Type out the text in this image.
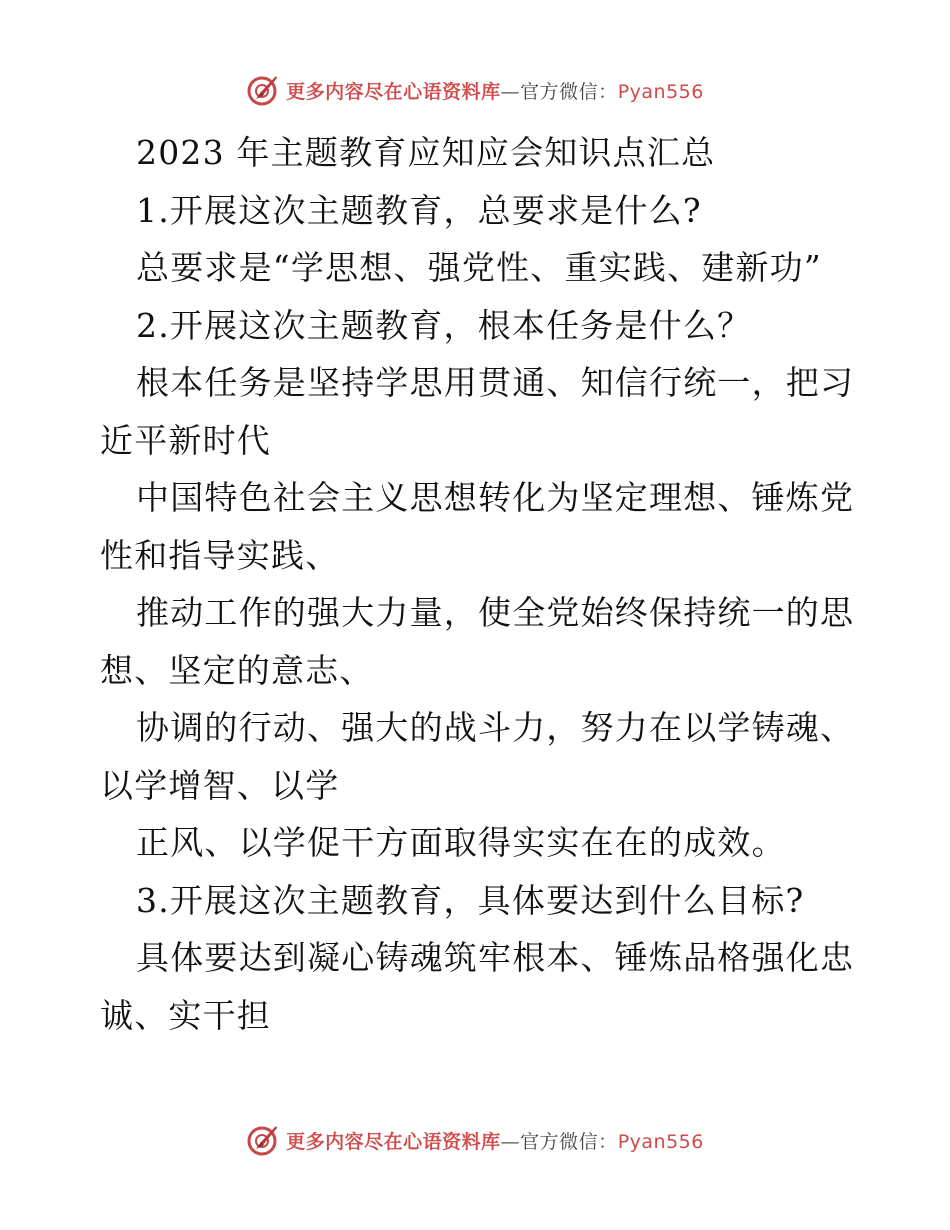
更多内容尽在心语资料库—官方微信：Pyan556
2023 年主题教育应知应会知识点汇总
1.开展这次主题教育，总要求是什么?
总要求是“学思想、强党性、重实践、建新功”
2.开展这次主题教育，根本任务是什么？
根本任务是坚持学思用贯通、知信行统一，把习
近平新时代
中国特色社会主义思想转化为坚定理想、锤炼党
性和指导实践、
推动工作的强大力量，使全党始终保持统一的思
想、坚定的意志、
协调的行动、强大的战斗力，努力在以学铸魂、
以学增智、以学
正风、以学促干方面取得实实在在的成效。
3.开展这次主题教育，具体要达到什么目标?
具体要达到凝心铸魂筑牢根本、锤炼品格强化忠
诚、实干担
更多内容尽在心语资料库—官方微信：Pyan556
